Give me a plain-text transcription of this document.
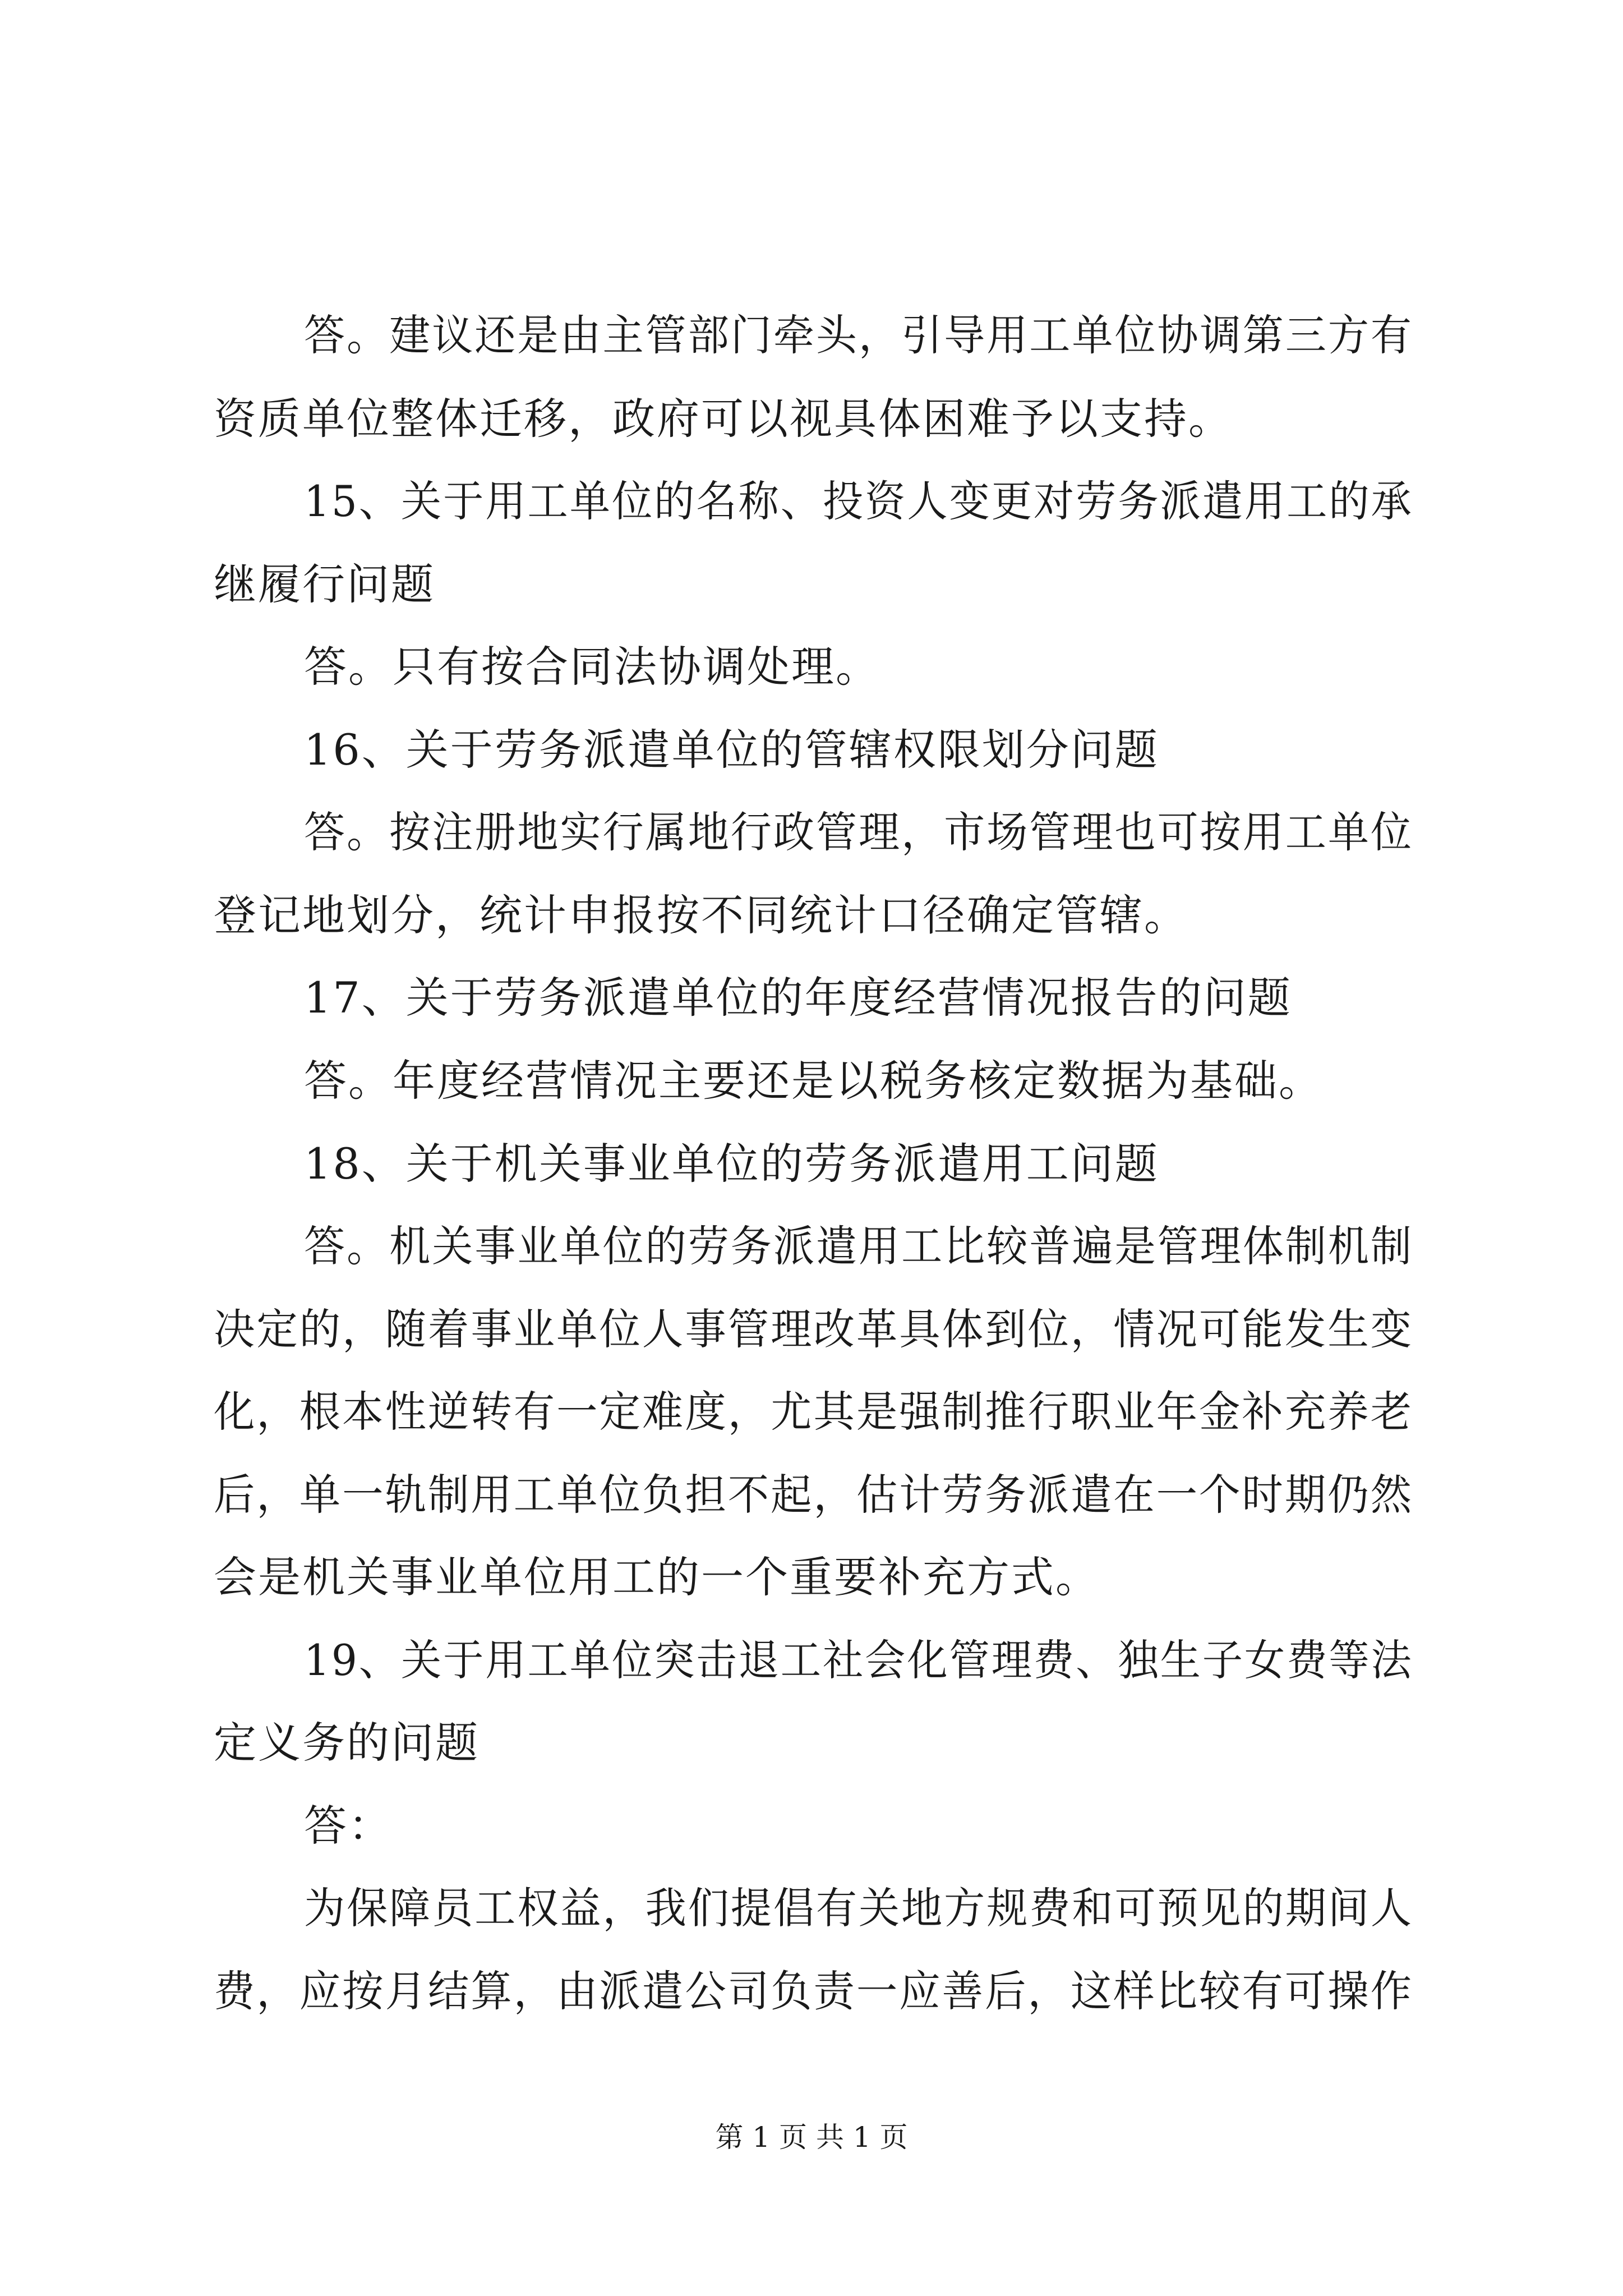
答。建议还是由主管部门牵头，引导用工单位协调第三方有
资质单位整体迁移，政府可以视具体困难予以支持。
15、关于用工单位的名称、投资人变更对劳务派遣用工的承
继履行问题
答。只有按合同法协调处理。
16、关于劳务派遣单位的管辖权限划分问题
答。按注册地实行属地行政管理，市场管理也可按用工单位
登记地划分，统计申报按不同统计口径确定管辖。
17、关于劳务派遣单位的年度经营情况报告的问题
答。年度经营情况主要还是以税务核定数据为基础。
18、关于机关事业单位的劳务派遣用工问题
答。机关事业单位的劳务派遣用工比较普遍是管理体制机制
决定的，随着事业单位人事管理改革具体到位，情况可能发生变
化，根本性逆转有一定难度，尤其是强制推行职业年金补充养老
后，单一轨制用工单位负担不起，估计劳务派遣在一个时期仍然
会是机关事业单位用工的一个重要补充方式。
19、关于用工单位突击退工社会化管理费、独生子女费等法
定义务的问题
答：
为保障员工权益，我们提倡有关地方规费和可预见的期间人
费，应按月结算，由派遣公司负责一应善后，这样比较有可操作
第 1 页 共 1 页
